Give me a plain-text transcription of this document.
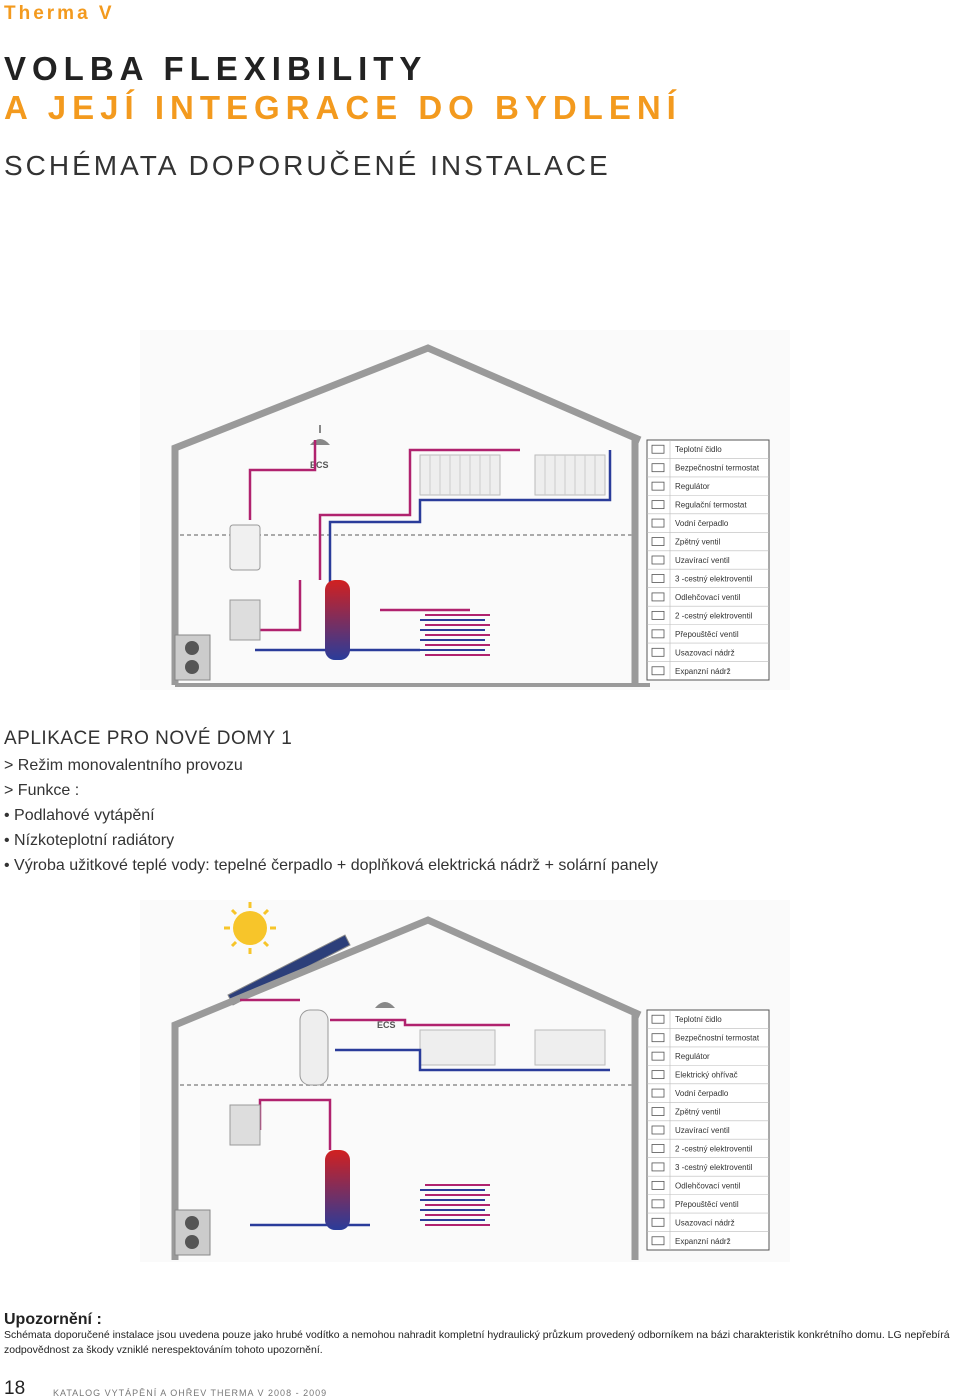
Therma V
VOLBA FLEXIBILITY
A JEJÍ INTEGRACE DO BYDLENÍ
SCHÉMATA DOPORUČENÉ INSTALACE
ECS
Teplotní čidlo
Bezpečnostní termostat
Regulátor
Regulační termostat
Vodní čerpadlo
Zpětný ventil
Uzavírací ventil
3 -cestný elektroventil
Odlehčovací ventil
2 -cestný elektroventil
Přepouštěcí ventil
Usazovací nádrž
Expanzní nádrž
APLIKACE PRO NOVÉ DOMY 1
> Režim monovalentního provozu
> Funkce :
• Podlahové vytápění
• Nízkoteplotní radiátory
• Výroba užitkové teplé vody: tepelné čerpadlo + doplňková elektrická nádrž + solární panely
ECS
Teplotní čidlo
Bezpečnostní termostat
Regulátor
Elektrický ohřívač
Vodní čerpadlo
Zpětný ventil
Uzavírací ventil
2 -cestný elektroventil
3 -cestný elektroventil
Odlehčovací ventil
Přepouštěcí ventil
Usazovací nádrž
Expanzní nádrž
Upozornění :
Schémata doporučené instalace jsou uvedena pouze jako hrubé vodítko a nemohou nahradit kompletní hydraulický průzkum provedený odborníkem na bázi charakteristik konkrétního domu. LG nepřebírá zodpovědnost za škody vzniklé nerespektováním tohoto upozornění.
18	KATALOG VYTÁPĚNÍ A OHŘEV THERMA V 2008 - 2009
